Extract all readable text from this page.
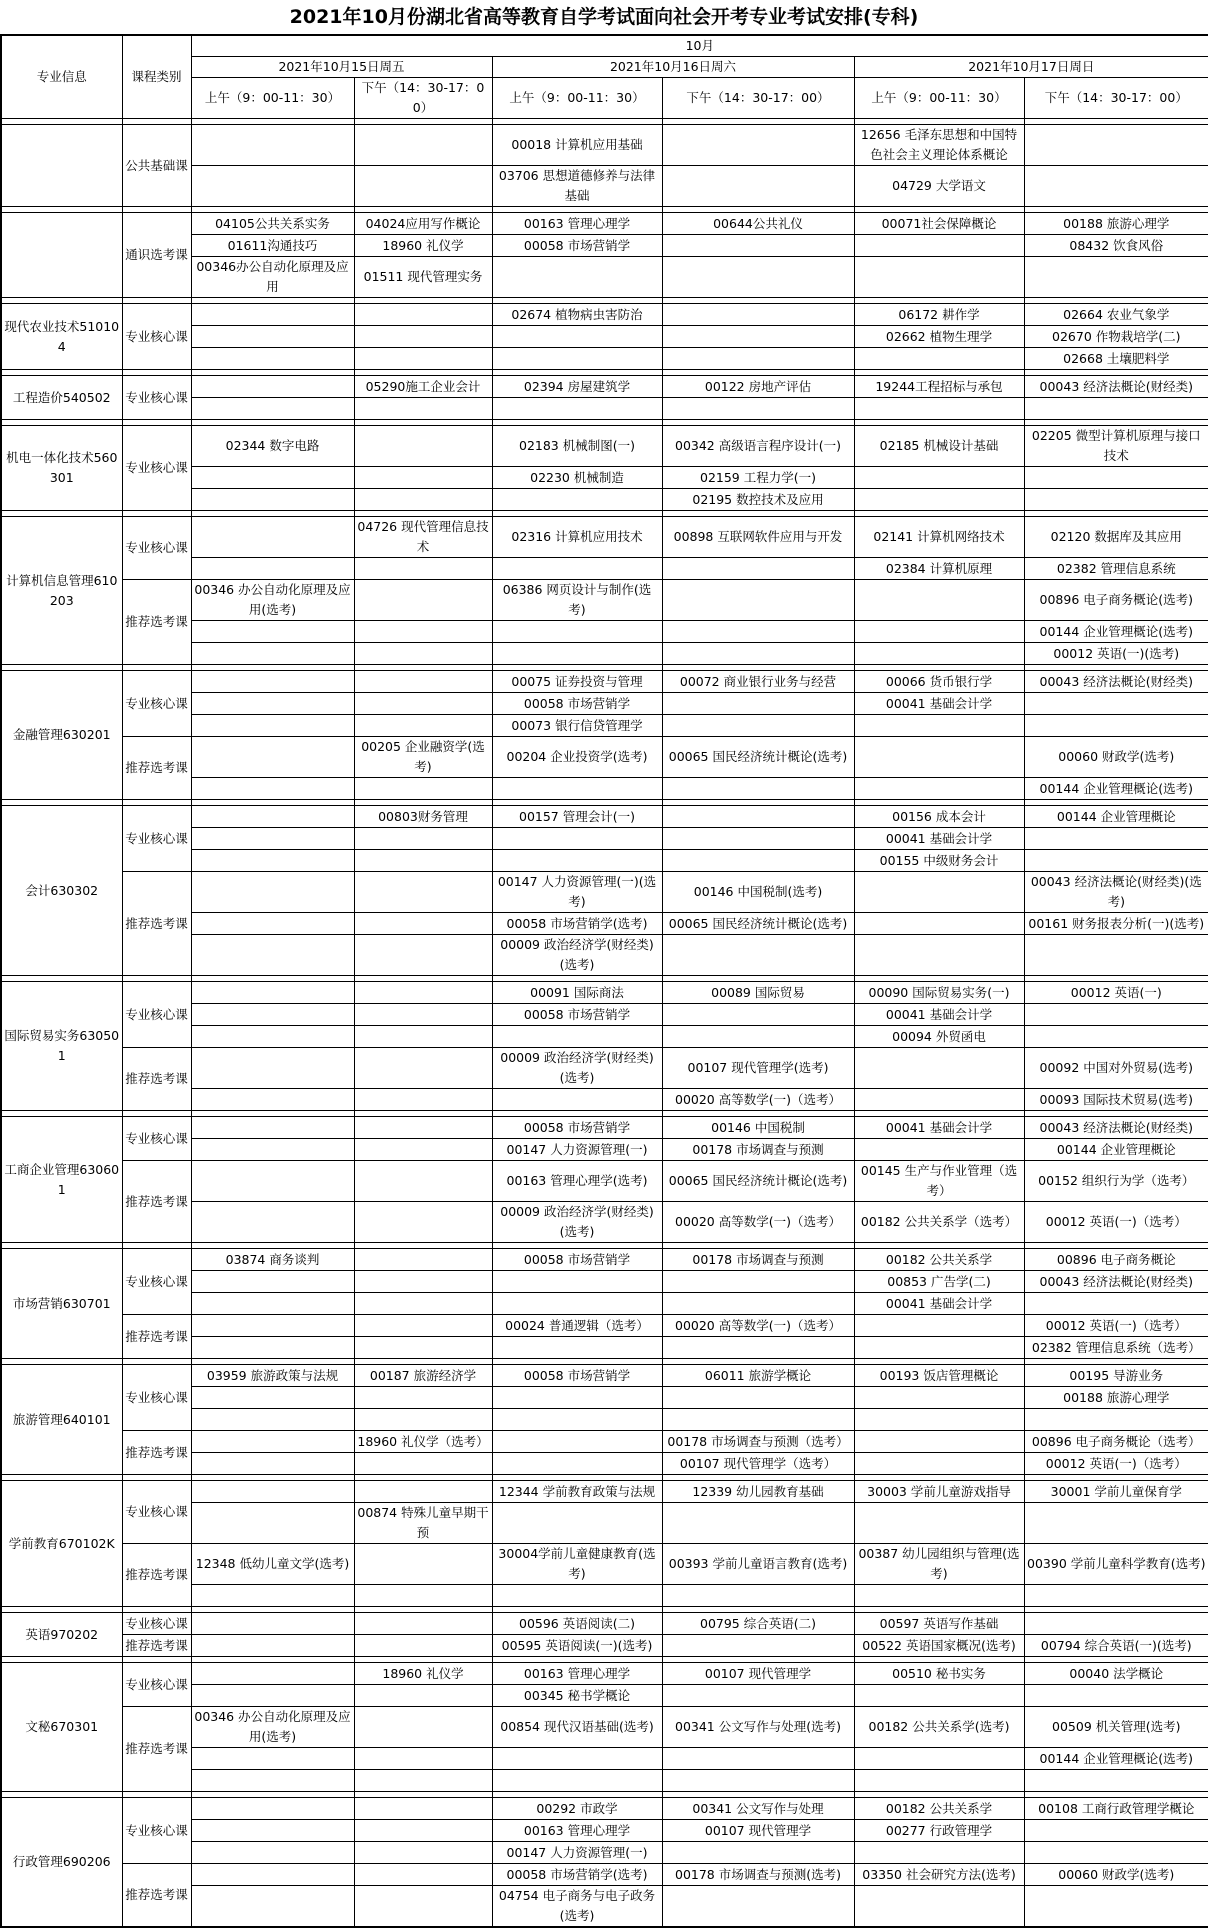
2021年10月份湖北省高等教育自学考试面向社会开考专业考试安排(专科)
专业信息	课程类别	10月					
		2021年10月15日周五		2021年10月16日周六		2021年10月17日周日	
		上午（9：00-11：30）	下午（14：30-17：00）	上午（9：00-11：30）	下午（14：30-17：00）	上午（9：00-11：30）	下午（14：30-17：00）

	公共基础课			00018 计算机应用基础		12656 毛泽东思想和中国特色社会主义理论体系概论	
				03706 思想道德修养与法律基础		04729 大学语文	

	通识选考课	04105公共关系实务	04024应用写作概论	00163 管理心理学	00644公共礼仪	00071社会保障概论	00188 旅游心理学
		01611沟通技巧	18960 礼仪学	00058 市场营销学			08432 饮食风俗
		00346办公自动化原理及应用	01511 现代管理实务				

现代农业技术510104	专业核心课			02674 植物病虫害防治		06172 耕作学	02664 农业气象学
						02662 植物生理学	02670 作物栽培学(二)
							02668 土壤肥料学

工程造价540502	专业核心课		05290施工企业会计	02394 房屋建筑学	00122 房地产评估	19244工程招标与承包	00043 经济法概论(财经类)

机电一体化技术560301	专业核心课	02344 数字电路		02183 机械制图(一)	00342 高级语言程序设计(一)	02185 机械设计基础	02205 微型计算机原理与接口技术
				02230 机械制造	02159 工程力学(一)		
					02195 数控技术及应用		

计算机信息管理610203	专业核心课		04726 现代管理信息技术	02316 计算机应用技术	00898 互联网软件应用与开发	02141 计算机网络技术	02120 数据库及其应用
						02384 计算机原理	02382 管理信息系统
	推荐选考课	00346 办公自动化原理及应用(选考)		06386 网页设计与制作(选考)			00896 电子商务概论(选考)
							00144 企业管理概论(选考)
							00012 英语(一)(选考)

金融管理630201	专业核心课			00075 证券投资与管理	00072 商业银行业务与经营	00066 货币银行学	00043 经济法概论(财经类)
				00058 市场营销学		00041 基础会计学	
				00073 银行信贷管理学			
	推荐选考课		00205 企业融资学(选考)	00204 企业投资学(选考)	00065 国民经济统计概论(选考)		00060 财政学(选考)
							00144 企业管理概论(选考)

会计630302	专业核心课		00803财务管理	00157 管理会计(一)		00156 成本会计	00144 企业管理概论
						00041 基础会计学	
						00155 中级财务会计	
	推荐选考课			00147 人力资源管理(一)(选考)	00146 中国税制(选考)		00043 经济法概论(财经类)(选考)
				00058 市场营销学(选考)	00065 国民经济统计概论(选考)		00161 财务报表分析(一)(选考)
				00009 政治经济学(财经类)(选考)			

国际贸易实务630501	专业核心课			00091 国际商法	00089 国际贸易	00090 国际贸易实务(一)	00012 英语(一)
				00058 市场营销学		00041 基础会计学	
						00094 外贸函电	
	推荐选考课			00009 政治经济学(财经类)(选考)	00107 现代管理学(选考)		00092 中国对外贸易(选考)
					00020 高等数学(一)（选考）		00093 国际技术贸易(选考)

工商企业管理630601	专业核心课			00058 市场营销学	00146 中国税制	00041 基础会计学	00043 经济法概论(财经类)
				00147 人力资源管理(一)	00178 市场调查与预测		00144 企业管理概论
	推荐选考课			00163 管理心理学(选考)	00065 国民经济统计概论(选考)	00145 生产与作业管理（选考）	00152 组织行为学（选考）
				00009 政治经济学(财经类)(选考)	00020 高等数学(一)（选考）	00182 公共关系学（选考）	00012 英语(一)（选考）

市场营销630701	专业核心课	03874 商务谈判		00058 市场营销学	00178 市场调查与预测	00182 公共关系学	00896 电子商务概论
						00853 广告学(二)	00043 经济法概论(财经类)
						00041 基础会计学	
	推荐选考课			00024 普通逻辑（选考）	00020 高等数学(一)（选考）		00012 英语(一)（选考）
							02382 管理信息系统（选考）

旅游管理640101	专业核心课	03959 旅游政策与法规	00187 旅游经济学	00058 市场营销学	06011 旅游学概论	00193 饭店管理概论	00195 导游业务
							00188 旅游心理学

	推荐选考课		18960 礼仪学（选考）		00178 市场调查与预测（选考）		00896 电子商务概论（选考）
					00107 现代管理学（选考）		00012 英语(一)（选考）

学前教育670102K	专业核心课			12344 学前教育政策与法规	12339 幼儿园教育基础	30003 学前儿童游戏指导	30001 学前儿童保育学
			00874 特殊儿童早期干预				
	推荐选考课	12348 低幼儿童文学(选考)		30004学前儿童健康教育(选考)	00393 学前儿童语言教育(选考)	00387 幼儿园组织与管理(选考)	00390 学前儿童科学教育(选考)

英语970202	专业核心课			00596 英语阅读(二)	00795 综合英语(二)	00597 英语写作基础	
	推荐选考课			00595 英语阅读(一)(选考)		00522 英语国家概况(选考)	00794 综合英语(一)(选考)

文秘670301	专业核心课		18960 礼仪学	00163 管理心理学	00107 现代管理学	00510 秘书实务	00040 法学概论
				00345 秘书学概论			
	推荐选考课	00346 办公自动化原理及应用(选考)		00854 现代汉语基础(选考)	00341 公文写作与处理(选考)	00182 公共关系学(选考)	00509 机关管理(选考)
							00144 企业管理概论(选考)

行政管理690206	专业核心课			00292 市政学	00341 公文写作与处理	00182 公共关系学	00108 工商行政管理学概论
				00163 管理心理学	00107 现代管理学	00277 行政管理学	
				00147 人力资源管理(一)			
	推荐选考课			00058 市场营销学(选考)	00178 市场调查与预测(选考)	03350 社会研究方法(选考)	00060 财政学(选考)
				04754 电子商务与电子政务(选考)			
